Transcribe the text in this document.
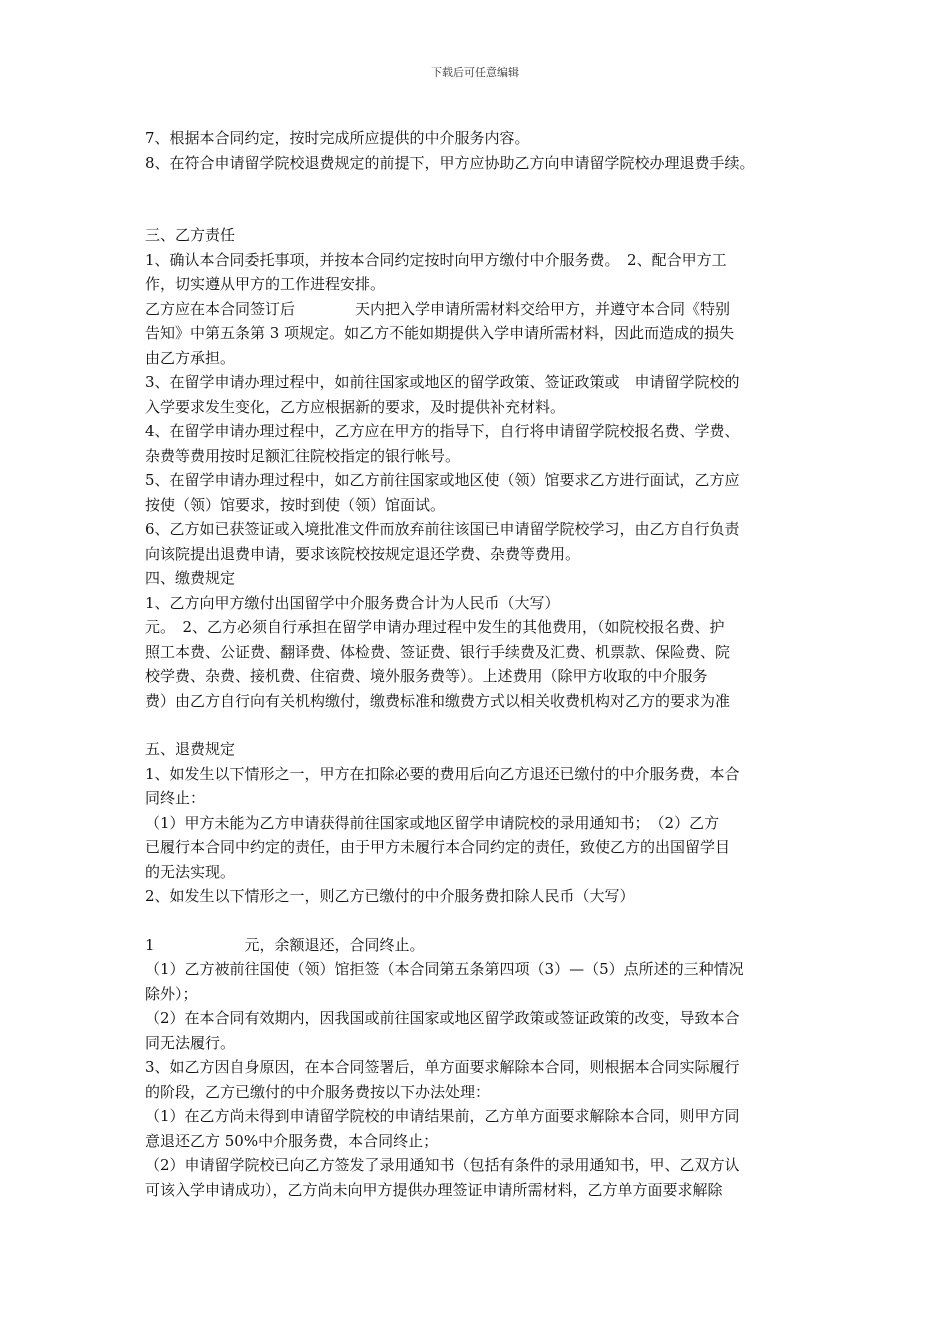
下载后可任意编辑

7、根据本合同约定，按时完成所应提供的中介服务内容。

8、在符合申请留学院校退费规定的前提下，甲方应协助乙方向申请留学院校办理退费手续。

三、乙方责任

1、确认本合同委托事项，并按本合同约定按时向甲方缴付中介服务费。　2、配合甲方工

作，切实遵从甲方的工作进程安排。

乙方应在本合同签订后　　　　天内把入学申请所需材料交给甲方，并遵守本合同《特别

告知》中第五条第 3 项规定。如乙方不能如期提供入学申请所需材料，因此而造成的损失

由乙方承担。

3、在留学申请办理过程中，如前往国家或地区的留学政策、签证政策或　申请留学院校的

入学要求发生变化，乙方应根据新的要求，及时提供补充材料。

4、在留学申请办理过程中，乙方应在甲方的指导下，自行将申请留学院校报名费、学费、

杂费等费用按时足额汇往院校指定的银行帐号。

5、在留学申请办理过程中，如乙方前往国家或地区使（领）馆要求乙方进行面试，乙方应

按使（领）馆要求，按时到使（领）馆面试。

6、乙方如已获签证或入境批准文件而放弃前往该国已申请留学院校学习，由乙方自行负责

向该院提出退费申请，要求该院校按规定退还学费、杂费等费用。

四、缴费规定

1、乙方向甲方缴付出国留学中介服务费合计为人民币（大写）

元。　2、乙方必须自行承担在留学申请办理过程中发生的其他费用，（如院校报名费、护

照工本费、公证费、翻译费、体检费、签证费、银行手续费及汇费、机票款、保险费、院

校学费、杂费、接机费、住宿费、境外服务费等）。上述费用（除甲方收取的中介服务

费）由乙方自行向有关机构缴付，缴费标准和缴费方式以相关收费机构对乙方的要求为准

五、退费规定

1、如发生以下情形之一，甲方在扣除必要的费用后向乙方退还已缴付的中介服务费，本合

同终止：

（1）甲方未能为乙方申请获得前往国家或地区留学申请院校的录用通知书；　（2）乙方

已履行本合同中约定的责任，由于甲方未履行本合同约定的责任，致使乙方的出国留学目

的无法实现。

2、如发生以下情形之一，则乙方已缴付的中介服务费扣除人民币（大写）

1　　　　　　元，余额退还，合同终止。

（1）乙方被前往国使（领）馆拒签（本合同第五条第四项（3）—（5）点所述的三种情况

除外）；

（2）在本合同有效期内，因我国或前往国家或地区留学政策或签证政策的改变，导致本合

同无法履行。

3、如乙方因自身原因，在本合同签署后，单方面要求解除本合同，则根据本合同实际履行

的阶段，乙方已缴付的中介服务费按以下办法处理：

（1）在乙方尚未得到申请留学院校的申请结果前，乙方单方面要求解除本合同，则甲方同

意退还乙方 50%中介服务费，本合同终止；

（2）申请留学院校已向乙方签发了录用通知书（包括有条件的录用通知书，甲、乙双方认

可该入学申请成功），乙方尚未向甲方提供办理签证申请所需材料，乙方单方面要求解除
